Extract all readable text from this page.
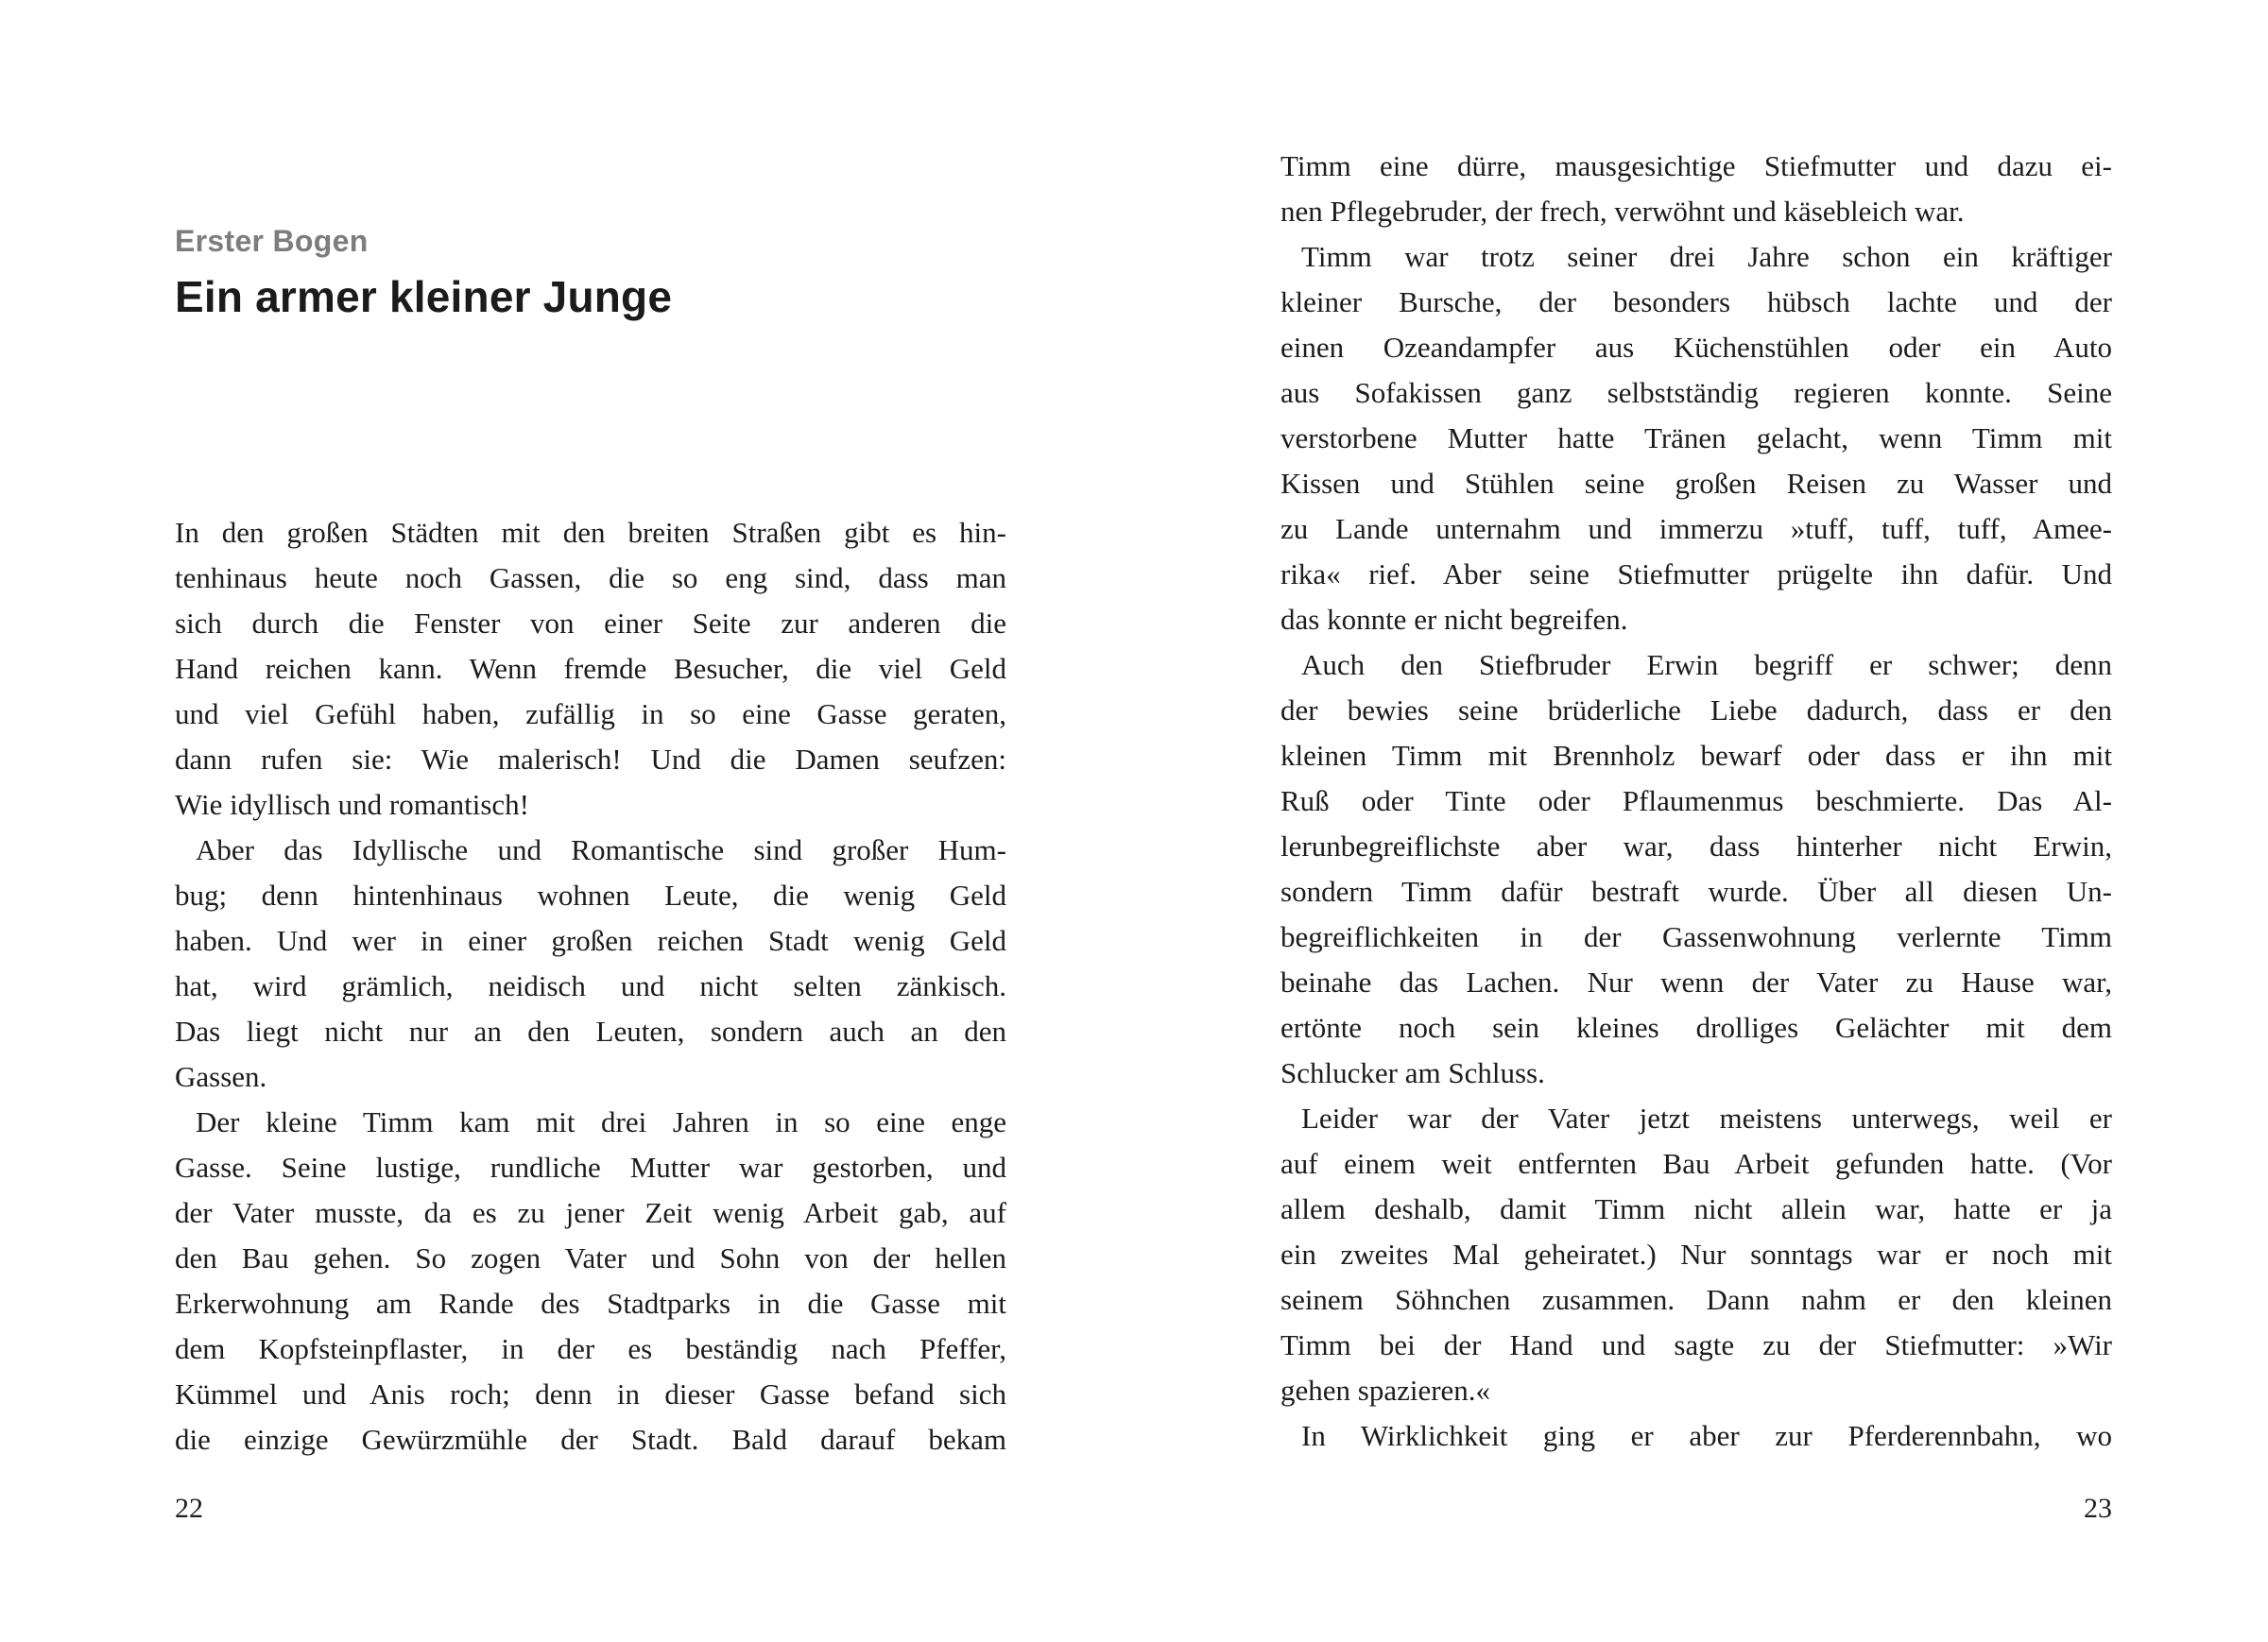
Erster Bogen
Ein armer kleiner Junge
In den großen Städten mit den breiten Straßen gibt es hin-
tenhinaus heute noch Gassen, die so eng sind, dass man
sich durch die Fenster von einer Seite zur anderen die
Hand reichen kann. Wenn fremde Besucher, die viel Geld
und viel Gefühl haben, zufällig in so eine Gasse geraten,
dann rufen sie: Wie malerisch! Und die Damen seufzen:
Wie idyllisch und romantisch!
Aber das Idyllische und Romantische sind großer Hum-
bug; denn hintenhinaus wohnen Leute, die wenig Geld
haben. Und wer in einer großen reichen Stadt wenig Geld
hat, wird grämlich, neidisch und nicht selten zänkisch.
Das liegt nicht nur an den Leuten, sondern auch an den
Gassen.
Der kleine Timm kam mit drei Jahren in so eine enge
Gasse. Seine lustige, rundliche Mutter war gestorben, und
der Vater musste, da es zu jener Zeit wenig Arbeit gab, auf
den Bau gehen. So zogen Vater und Sohn von der hellen
Erkerwohnung am Rande des Stadtparks in die Gasse mit
dem Kopfsteinpflaster, in der es beständig nach Pfeffer,
Kümmel und Anis roch; denn in dieser Gasse befand sich
die einzige Gewürzmühle der Stadt. Bald darauf bekam
22
Timm eine dürre, mausgesichtige Stiefmutter und dazu ei-
nen Pflegebruder, der frech, verwöhnt und käsebleich war.
Timm war trotz seiner drei Jahre schon ein kräftiger
kleiner Bursche, der besonders hübsch lachte und der
einen Ozeandampfer aus Küchenstühlen oder ein Auto
aus Sofakissen ganz selbstständig regieren konnte. Seine
verstorbene Mutter hatte Tränen gelacht, wenn Timm mit
Kissen und Stühlen seine großen Reisen zu Wasser und
zu Lande unternahm und immerzu »tuff, tuff, tuff, Amee-
rika« rief. Aber seine Stiefmutter prügelte ihn dafür. Und
das konnte er nicht begreifen.
Auch den Stiefbruder Erwin begriff er schwer; denn
der bewies seine brüderliche Liebe dadurch, dass er den
kleinen Timm mit Brennholz bewarf oder dass er ihn mit
Ruß oder Tinte oder Pflaumenmus beschmierte. Das Al-
lerunbegreiflichste aber war, dass hinterher nicht Erwin,
sondern Timm dafür bestraft wurde. Über all diesen Un-
begreiflichkeiten in der Gassenwohnung verlernte Timm
beinahe das Lachen. Nur wenn der Vater zu Hause war,
ertönte noch sein kleines drolliges Gelächter mit dem
Schlucker am Schluss.
Leider war der Vater jetzt meistens unterwegs, weil er
auf einem weit entfernten Bau Arbeit gefunden hatte. (Vor
allem deshalb, damit Timm nicht allein war, hatte er ja
ein zweites Mal geheiratet.) Nur sonntags war er noch mit
seinem Söhnchen zusammen. Dann nahm er den kleinen
Timm bei der Hand und sagte zu der Stiefmutter: »Wir
gehen spazieren.«
In Wirklichkeit ging er aber zur Pferderennbahn, wo
23
